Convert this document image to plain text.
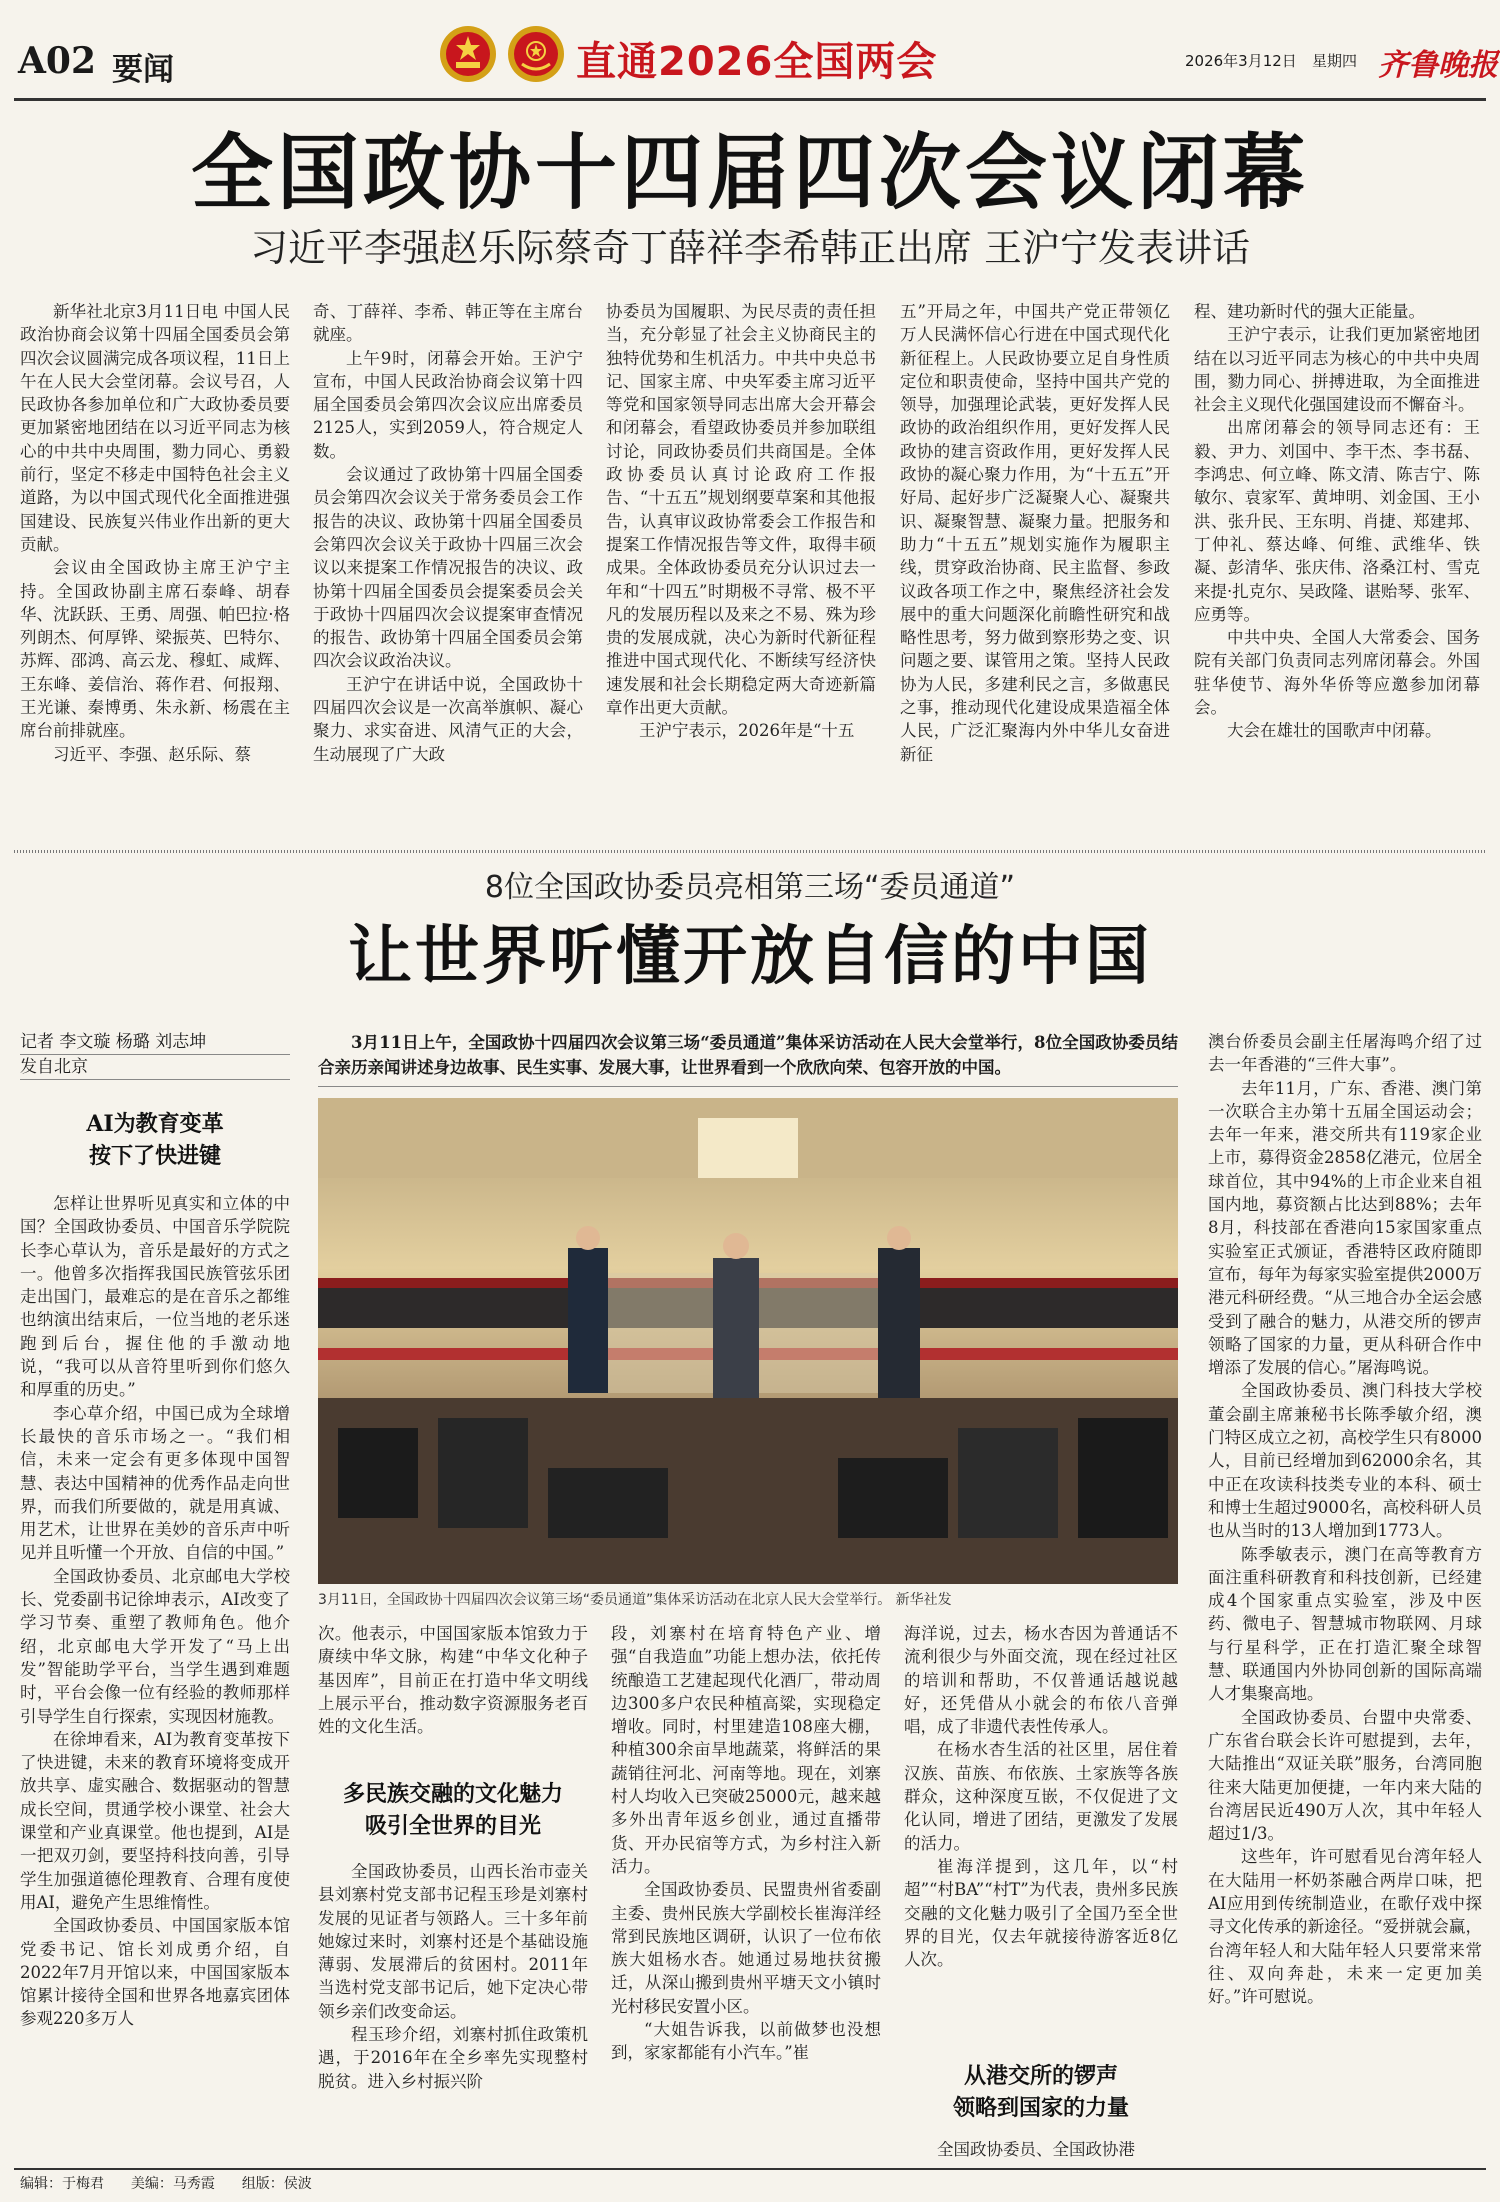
A02 要闻	直通2026全国两会	2026年3月12日 星期四 齐鲁晚报
全国政协十四届四次会议闭幕
习近平李强赵乐际蔡奇丁薛祥李希韩正出席 王沪宁发表讲话

新华社北京3月11日电 中国人民政治协商会议第十四届全国委员会第四次会议圆满完成各项议程，11日上午在人民大会堂闭幕。会议号召，人民政协各参加单位和广大政协委员要更加紧密地团结在以习近平同志为核心的中共中央周围，勠力同心、勇毅前行，坚定不移走中国特色社会主义道路，为以中国式现代化全面推进强国建设、民族复兴伟业作出新的更大贡献。

会议由全国政协主席王沪宁主持。全国政协副主席石泰峰、胡春华、沈跃跃、王勇、周强、帕巴拉·格列朗杰、何厚铧、梁振英、巴特尔、苏辉、邵鸿、高云龙、穆虹、咸辉、王东峰、姜信治、蒋作君、何报翔、王光谦、秦博勇、朱永新、杨震在主席台前排就座。

习近平、李强、赵乐际、蔡

奇、丁薛祥、李希、韩正等在主席台就座。

上午9时，闭幕会开始。王沪宁宣布，中国人民政治协商会议第十四届全国委员会第四次会议应出席委员2125人，实到2059人，符合规定人数。

会议通过了政协第十四届全国委员会第四次会议关于常务委员会工作报告的决议、政协第十四届全国委员会第四次会议关于政协十四届三次会议以来提案工作情况报告的决议、政协第十四届全国委员会提案委员会关于政协十四届四次会议提案审查情况的报告、政协第十四届全国委员会第四次会议政治决议。

王沪宁在讲话中说，全国政协十四届四次会议是一次高举旗帜、凝心聚力、求实奋进、风清气正的大会，生动展现了广大政

协委员为国履职、为民尽责的责任担当，充分彰显了社会主义协商民主的独特优势和生机活力。中共中央总书记、国家主席、中央军委主席习近平等党和国家领导同志出席大会开幕会和闭幕会，看望政协委员并参加联组讨论，同政协委员们共商国是。全体政协委员认真讨论政府工作报告、“十五五”规划纲要草案和其他报告，认真审议政协常委会工作报告和提案工作情况报告等文件，取得丰硕成果。全体政协委员充分认识过去一年和“十四五”时期极不寻常、极不平凡的发展历程以及来之不易、殊为珍贵的发展成就，决心为新时代新征程推进中国式现代化、不断续写经济快速发展和社会长期稳定两大奇迹新篇章作出更大贡献。

王沪宁表示，2026年是“十五

五”开局之年，中国共产党正带领亿万人民满怀信心行进在中国式现代化新征程上。人民政协要立足自身性质定位和职责使命，坚持中国共产党的领导，加强理论武装，更好发挥人民政协的政治组织作用，更好发挥人民政协的建言资政作用，更好发挥人民政协的凝心聚力作用，为“十五五”开好局、起好步广泛凝聚人心、凝聚共识、凝聚智慧、凝聚力量。把服务和助力“十五五”规划实施作为履职主线，贯穿政治协商、民主监督、参政议政各项工作之中，聚焦经济社会发展中的重大问题深化前瞻性研究和战略性思考，努力做到察形势之变、识问题之要、谋管用之策。坚持人民政协为人民，多建利民之言，多做惠民之事，推动现代化建设成果造福全体人民，广泛汇聚海内外中华儿女奋进新征

程、建功新时代的强大正能量。

王沪宁表示，让我们更加紧密地团结在以习近平同志为核心的中共中央周围，勠力同心、拼搏进取，为全面推进社会主义现代化强国建设而不懈奋斗。

出席闭幕会的领导同志还有：王毅、尹力、刘国中、李干杰、李书磊、李鸿忠、何立峰、陈文清、陈吉宁、陈敏尔、袁家军、黄坤明、刘金国、王小洪、张升民、王东明、肖捷、郑建邦、丁仲礼、蔡达峰、何维、武维华、铁凝、彭清华、张庆伟、洛桑江村、雪克来提·扎克尔、吴政隆、谌贻琴、张军、应勇等。

中共中央、全国人大常委会、国务院有关部门负责同志列席闭幕会。外国驻华使节、海外华侨等应邀参加闭幕会。

大会在雄壮的国歌声中闭幕。

8位全国政协委员亮相第三场“委员通道”
让世界听懂开放自信的中国
记者 李文璇 杨璐 刘志坤
发自北京
3月11日上午，全国政协十四届四次会议第三场“委员通道”集体采访活动在人民大会堂举行，8位全国政协委员结合亲历亲闻讲述身边故事、民生实事、发展大事，让世界看到一个欣欣向荣、包容开放的中国。
3月11日，全国政协十四届四次会议第三场“委员通道”集体采访活动在北京人民大会堂举行。 新华社发
AI为教育变革
按下了快进键

怎样让世界听见真实和立体的中国？全国政协委员、中国音乐学院院长李心草认为，音乐是最好的方式之一。他曾多次指挥我国民族管弦乐团走出国门，最难忘的是在音乐之都维也纳演出结束后，一位当地的老乐迷跑到后台，握住他的手激动地说，“我可以从音符里听到你们悠久和厚重的历史。”

李心草介绍，中国已成为全球增长最快的音乐市场之一。“我们相信，未来一定会有更多体现中国智慧、表达中国精神的优秀作品走向世界，而我们所要做的，就是用真诚、用艺术，让世界在美妙的音乐声中听见并且听懂一个开放、自信的中国。”

全国政协委员、北京邮电大学校长、党委副书记徐坤表示，AI改变了学习节奏、重塑了教师角色。他介绍，北京邮电大学开发了“马上出发”智能助学平台，当学生遇到难题时，平台会像一位有经验的教师那样引导学生自行探索，实现因材施教。

在徐坤看来，AI为教育变革按下了快进键，未来的教育环境将变成开放共享、虚实融合、数据驱动的智慧成长空间，贯通学校小课堂、社会大课堂和产业真课堂。他也提到，AI是一把双刃剑，要坚持科技向善，引导学生加强道德伦理教育、合理有度使用AI，避免产生思维惰性。

全国政协委员、中国国家版本馆党委书记、馆长刘成勇介绍，自2022年7月开馆以来，中国国家版本馆累计接待全国和世界各地嘉宾团体参观220多万人

次。他表示，中国国家版本馆致力于赓续中华文脉，构建“中华文化种子基因库”，目前正在打造中华文明线上展示平台，推动数字资源服务老百姓的文化生活。

多民族交融的文化魅力
吸引全世界的目光

全国政协委员，山西长治市壶关县刘寨村党支部书记程玉珍是刘寨村发展的见证者与领路人。三十多年前她嫁过来时，刘寨村还是个基础设施薄弱、发展滞后的贫困村。2011年当选村党支部书记后，她下定决心带领乡亲们改变命运。

程玉珍介绍，刘寨村抓住政策机遇，于2016年在全乡率先实现整村脱贫。进入乡村振兴阶

段，刘寨村在培育特色产业、增强“自我造血”功能上想办法，依托传统酿造工艺建起现代化酒厂，带动周边300多户农民种植高粱，实现稳定增收。同时，村里建造108座大棚，种植300余亩旱地蔬菜，将鲜活的果蔬销往河北、河南等地。现在，刘寨村人均收入已突破25000元，越来越多外出青年返乡创业，通过直播带货、开办民宿等方式，为乡村注入新活力。

全国政协委员、民盟贵州省委副主委、贵州民族大学副校长崔海洋经常到民族地区调研，认识了一位布依族大姐杨水杏。她通过易地扶贫搬迁，从深山搬到贵州平塘天文小镇时光村移民安置小区。

“大姐告诉我，以前做梦也没想到，家家都能有小汽车。”崔

海洋说，过去，杨水杏因为普通话不流利很少与外面交流，现在经过社区的培训和帮助，不仅普通话越说越好，还凭借从小就会的布依八音弹唱，成了非遗代表性传承人。

在杨水杏生活的社区里，居住着汉族、苗族、布依族、土家族等各族群众，这种深度互嵌，不仅促进了文化认同，增进了团结，更激发了发展的活力。

崔海洋提到，这几年，以“村超”“村BA”“村T”为代表，贵州多民族交融的文化魅力吸引了全国乃至全世界的目光，仅去年就接待游客近8亿人次。

从港交所的锣声
领略到国家的力量

全国政协委员、全国政协港

澳台侨委员会副主任屠海鸣介绍了过去一年香港的“三件大事”。

去年11月，广东、香港、澳门第一次联合主办第十五届全国运动会；去年一年来，港交所共有119家企业上市，募得资金2858亿港元，位居全球首位，其中94%的上市企业来自祖国内地，募资额占比达到88%；去年8月，科技部在香港向15家国家重点实验室正式颁证，香港特区政府随即宣布，每年为每家实验室提供2000万港元科研经费。“从三地合办全运会感受到了融合的魅力，从港交所的锣声领略了国家的力量，更从科研合作中增添了发展的信心。”屠海鸣说。

全国政协委员、澳门科技大学校董会副主席兼秘书长陈季敏介绍，澳门特区成立之初，高校学生只有8000人，目前已经增加到62000余名，其中正在攻读科技类专业的本科、硕士和博士生超过9000名，高校科研人员也从当时的13人增加到1773人。

陈季敏表示，澳门在高等教育方面注重科研教育和科技创新，已经建成4个国家重点实验室，涉及中医药、微电子、智慧城市物联网、月球与行星科学，正在打造汇聚全球智慧、联通国内外协同创新的国际高端人才集聚高地。

全国政协委员、台盟中央常委、广东省台联会长许可慰提到，去年，大陆推出“双证关联”服务，台湾同胞往来大陆更加便捷，一年内来大陆的台湾居民近490万人次，其中年轻人超过1/3。

这些年，许可慰看见台湾年轻人在大陆用一杯奶茶融合两岸口味，把AI应用到传统制造业，在歌仔戏中探寻文化传承的新途径。“爱拼就会赢，台湾年轻人和大陆年轻人只要常来常往、双向奔赴，未来一定更加美好。”许可慰说。

编辑：于梅君 美编：马秀霞 组版：侯波
